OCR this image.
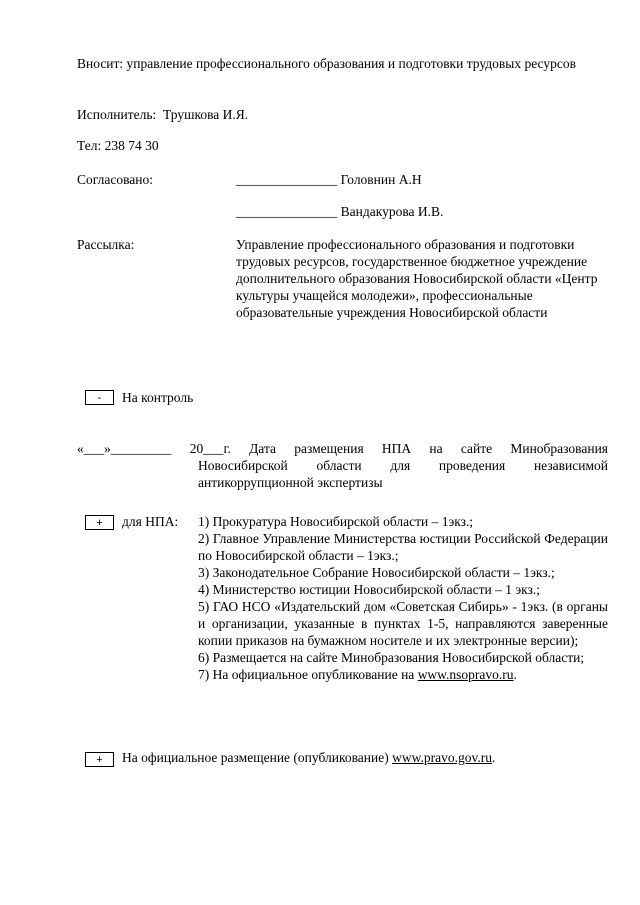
Вносит: управление профессионального образования и подготовки трудовых ресурсов
Исполнитель: Трушкова И.Я.
Тел: 238 74 30
Согласовано:	_______________ Головнин А.Н
_______________ Вандакурова И.В.
Рассылка:	Управление профессионального образования и подготовки трудовых ресурсов, государственное бюджетное учреждение дополнительного образования Новосибирской области «Центр культуры учащейся молодежи», профессиональные образовательные учреждения Новосибирской области
-	На контроль
«___»_________ 20___г. Дата размещения НПА на сайте Минобразования
Новосибирской области для проведения независимой антикоррупционной экспертизы
+	для НПА: 1) Прокуратура Новосибирской области – 1экз.;
2) Главное Управление Министерства юстиции Российской Федерации по Новосибирской области – 1экз.;
3) Законодательное Собрание Новосибирской области – 1экз.;
4) Министерство юстиции Новосибирской области – 1 экз.;
5) ГАО НСО «Издательский дом «Советская Сибирь» - 1экз. (в органы и организации, указанные в пунктах 1-5, направляются заверенные копии приказов на бумажном носителе и их электронные версии);
6) Размещается на сайте Минобразования Новосибирской области;
7) На официальное опубликование на www.nsopravo.ru.
+	На официальное размещение (опубликование) www.pravo.gov.ru.
